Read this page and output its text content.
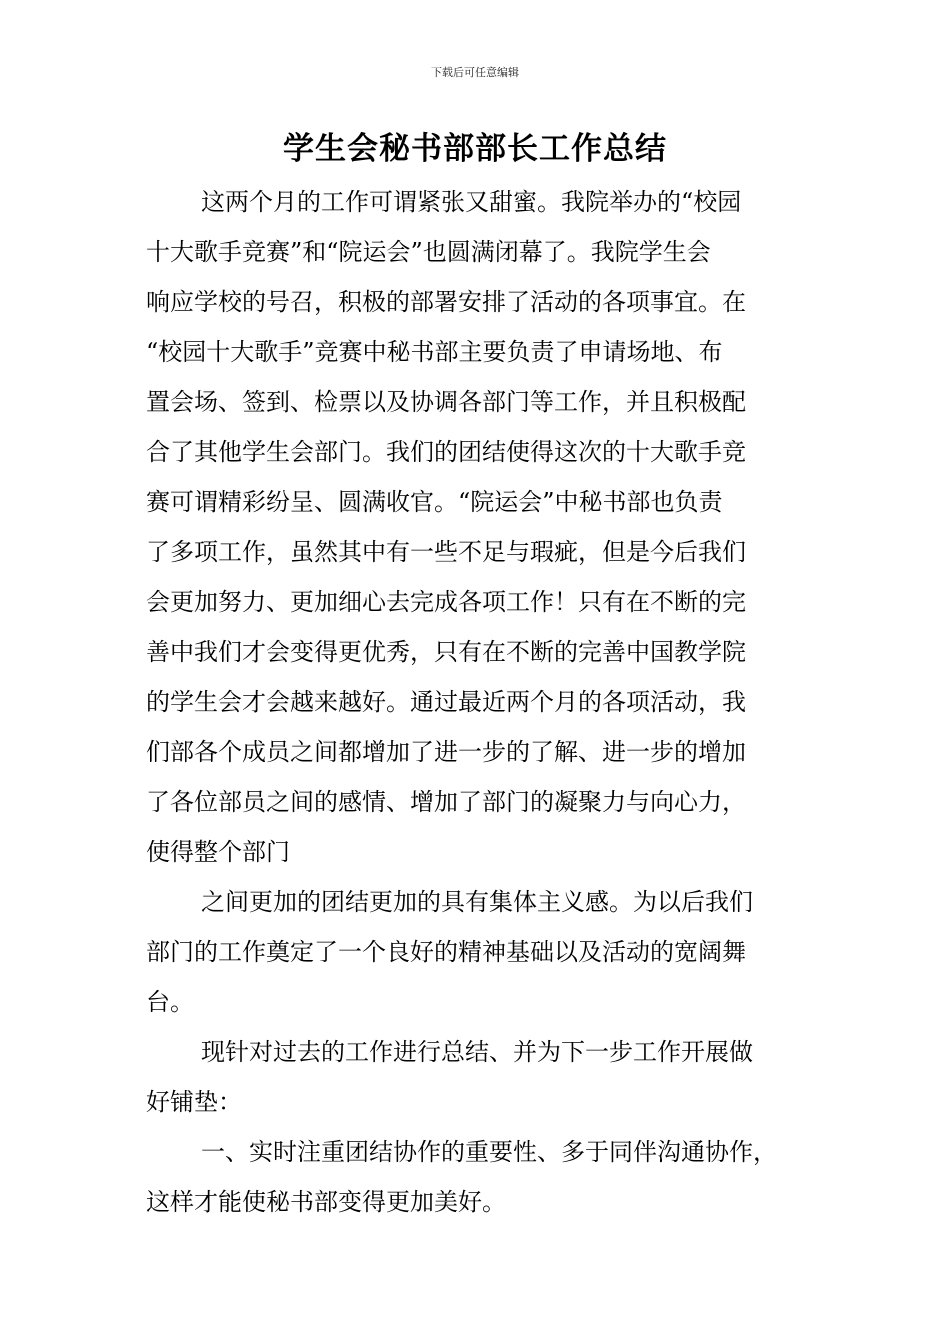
下载后可任意编辑
学生会秘书部部长工作总结
这两个月的工作可谓紧张又甜蜜。我院举办的“校园
十大歌手竞赛”和“院运会”也圆满闭幕了。我院学生会
响应学校的号召，积极的部署安排了活动的各项事宜。在
“校园十大歌手”竞赛中秘书部主要负责了申请场地、布
置会场、签到、检票以及协调各部门等工作，并且积极配
合了其他学生会部门。我们的团结使得这次的十大歌手竞
赛可谓精彩纷呈、圆满收官。“院运会”中秘书部也负责
了多项工作，虽然其中有一些不足与瑕疵，但是今后我们
会更加努力、更加细心去完成各项工作！只有在不断的完
善中我们才会变得更优秀，只有在不断的完善中国教学院
的学生会才会越来越好。通过最近两个月的各项活动，我
们部各个成员之间都增加了进一步的了解、进一步的增加
了各位部员之间的感情、增加了部门的凝聚力与向心力，
使得整个部门
之间更加的团结更加的具有集体主义感。为以后我们
部门的工作奠定了一个良好的精神基础以及活动的宽阔舞
台。
现针对过去的工作进行总结、并为下一步工作开展做
好铺垫：
一、实时注重团结协作的重要性、多于同伴沟通协作，
这样才能使秘书部变得更加美好。
